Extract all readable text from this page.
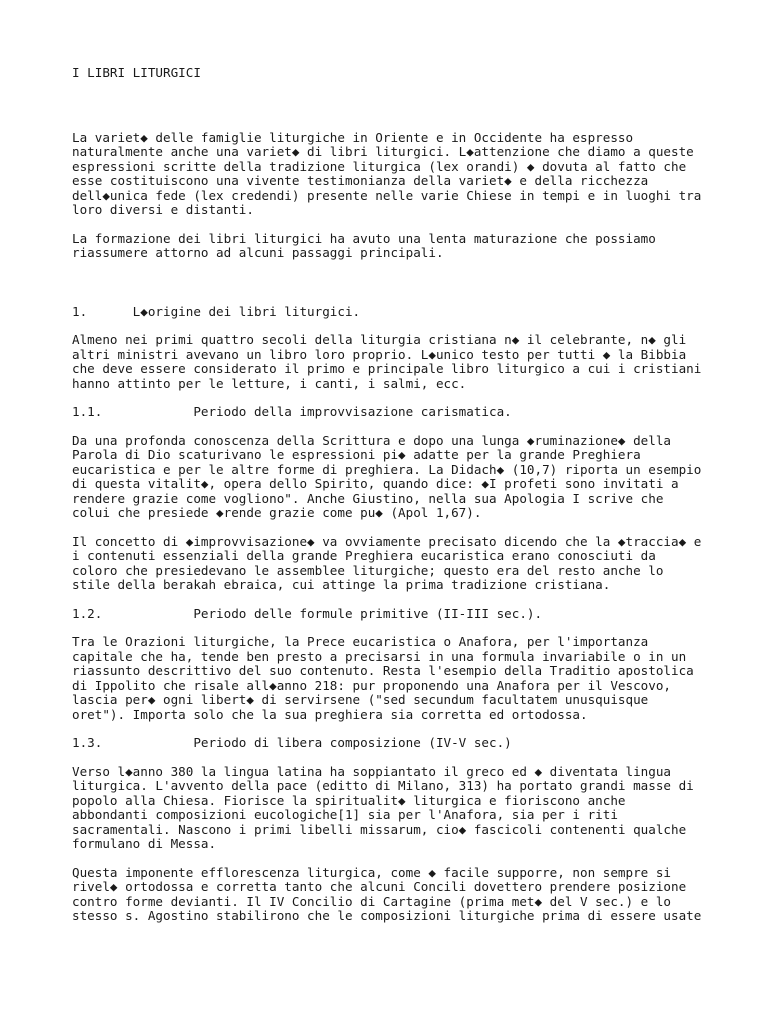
I LIBRI LITURGICI

La variet◆ delle famiglie liturgiche in Oriente e in Occidente ha espresso
naturalmente anche una variet◆ di libri liturgici. L◆attenzione che diamo a queste
espressioni scritte della tradizione liturgica (lex orandi) ◆ dovuta al fatto che
esse costituiscono una vivente testimonianza della variet◆ e della ricchezza
dell◆unica fede (lex credendi) presente nelle varie Chiese in tempi e in luoghi tra
loro diversi e distanti.

La formazione dei libri liturgici ha avuto una lenta maturazione che possiamo
riassumere attorno ad alcuni passaggi principali.

1.      L◆origine dei libri liturgici.

Almeno nei primi quattro secoli della liturgia cristiana n◆ il celebrante, n◆ gli
altri ministri avevano un libro loro proprio. L◆unico testo per tutti ◆ la Bibbia
che deve essere considerato il primo e principale libro liturgico a cui i cristiani
hanno attinto per le letture, i canti, i salmi, ecc.

1.1.            Periodo della improvvisazione carismatica.

Da una profonda conoscenza della Scrittura e dopo una lunga ◆ruminazione◆ della
Parola di Dio scaturivano le espressioni pi◆ adatte per la grande Preghiera
eucaristica e per le altre forme di preghiera. La Didach◆ (10,7) riporta un esempio
di questa vitalit◆, opera dello Spirito, quando dice: ◆I profeti sono invitati a
rendere grazie come vogliono". Anche Giustino, nella sua Apologia I scrive che
colui che presiede ◆rende grazie come pu◆ (Apol 1,67).

Il concetto di ◆improvvisazione◆ va ovviamente precisato dicendo che la ◆traccia◆ e
i contenuti essenziali della grande Preghiera eucaristica erano conosciuti da
coloro che presiedevano le assemblee liturgiche; questo era del resto anche lo
stile della berakah ebraica, cui attinge la prima tradizione cristiana.

1.2.            Periodo delle formule primitive (II-III sec.).

Tra le Orazioni liturgiche, la Prece eucaristica o Anafora, per l'importanza
capitale che ha, tende ben presto a precisarsi in una formula invariabile o in un
riassunto descrittivo del suo contenuto. Resta l'esempio della Traditio apostolica
di Ippolito che risale all◆anno 218: pur proponendo una Anafora per il Vescovo,
lascia per◆ ogni libert◆ di servirsene ("sed secundum facultatem unusquisque
oret"). Importa solo che la sua preghiera sia corretta ed ortodossa.

1.3.            Periodo di libera composizione (IV-V sec.)

Verso l◆anno 380 la lingua latina ha soppiantato il greco ed ◆ diventata lingua
liturgica. L'avvento della pace (editto di Milano, 313) ha portato grandi masse di
popolo alla Chiesa. Fiorisce la spiritualit◆ liturgica e fioriscono anche
abbondanti composizioni eucologiche[1] sia per l'Anafora, sia per i riti
sacramentali. Nascono i primi libelli missarum, cio◆ fascicoli contenenti qualche
formulano di Messa.

Questa imponente efflorescenza liturgica, come ◆ facile supporre, non sempre si
rivel◆ ortodossa e corretta tanto che alcuni Concili dovettero prendere posizione
contro forme devianti. Il IV Concilio di Cartagine (prima met◆ del V sec.) e lo
stesso s. Agostino stabilirono che le composizioni liturgiche prima di essere usate
